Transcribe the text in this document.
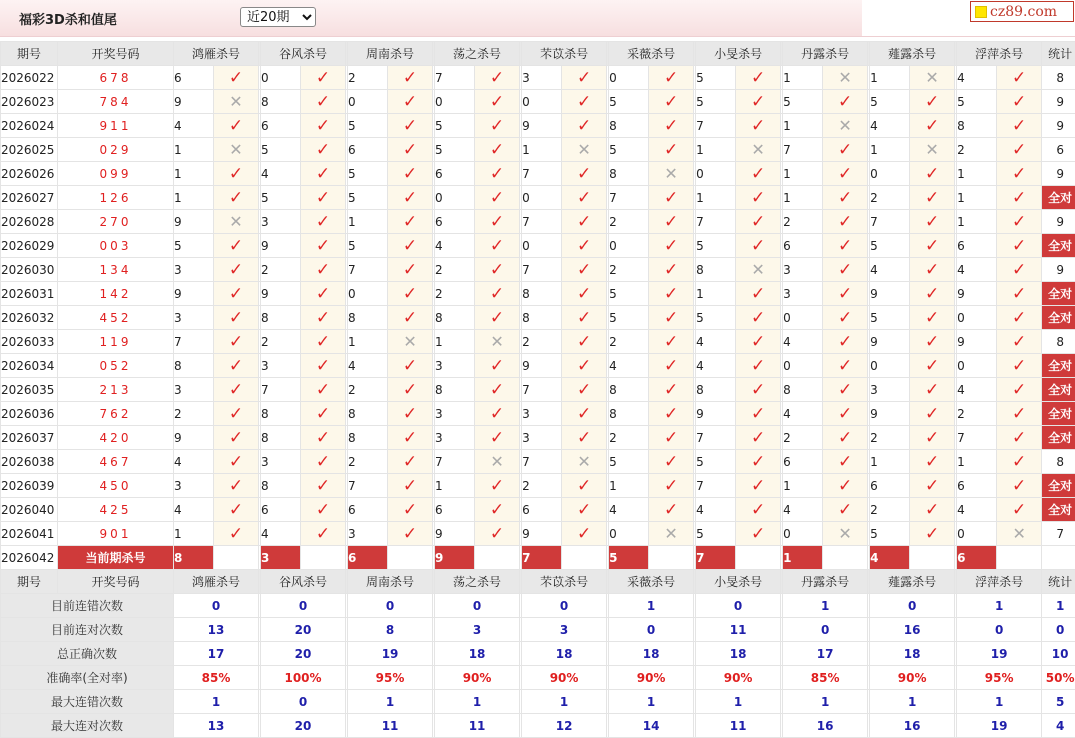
福彩3D杀和值尾
近20期
cz89.com
期号	开奖号码	鸿雁杀号			谷风杀号			周南杀号			荡之杀号			芣苡杀号			采薇杀号			小旻杀号			丹露杀号			薤露杀号			浮萍杀号		统计
2026022	678	6	✓		0	✓		2	✓		7	✓		3	✓		0	✓		5	✓		1	✕		1	✕		4	✓	8
2026023	784	9	✕		8	✓		0	✓		0	✓		0	✓		5	✓		5	✓		5	✓		5	✓		5	✓	9
2026024	911	4	✓		6	✓		5	✓		5	✓		9	✓		8	✓		7	✓		1	✕		4	✓		8	✓	9
2026025	029	1	✕		5	✓		6	✓		5	✓		1	✕		5	✓		1	✕		7	✓		1	✕		2	✓	6
2026026	099	1	✓		4	✓		5	✓		6	✓		7	✓		8	✕		0	✓		1	✓		0	✓		1	✓	9
2026027	126	1	✓		5	✓		5	✓		0	✓		0	✓		7	✓		1	✓		1	✓		2	✓		1	✓	全对
2026028	270	9	✕		3	✓		1	✓		6	✓		7	✓		2	✓		7	✓		2	✓		7	✓		1	✓	9
2026029	003	5	✓		9	✓		5	✓		4	✓		0	✓		0	✓		5	✓		6	✓		5	✓		6	✓	全对
2026030	134	3	✓		2	✓		7	✓		2	✓		7	✓		2	✓		8	✕		3	✓		4	✓		4	✓	9
2026031	142	9	✓		9	✓		0	✓		2	✓		8	✓		5	✓		1	✓		3	✓		9	✓		9	✓	全对
2026032	452	3	✓		8	✓		8	✓		8	✓		8	✓		5	✓		5	✓		0	✓		5	✓		0	✓	全对
2026033	119	7	✓		2	✓		1	✕		1	✕		2	✓		2	✓		4	✓		4	✓		9	✓		9	✓	8
2026034	052	8	✓		3	✓		4	✓		3	✓		9	✓		4	✓		4	✓		0	✓		0	✓		0	✓	全对
2026035	213	3	✓		7	✓		2	✓		8	✓		7	✓		8	✓		8	✓		8	✓		3	✓		4	✓	全对
2026036	762	2	✓		8	✓		8	✓		3	✓		3	✓		8	✓		9	✓		4	✓		9	✓		2	✓	全对
2026037	420	9	✓		8	✓		8	✓		3	✓		3	✓		2	✓		7	✓		2	✓		2	✓		7	✓	全对
2026038	467	4	✓		3	✓		2	✓		7	✕		7	✕		5	✓		5	✓		6	✓		1	✓		1	✓	8
2026039	450	3	✓		8	✓		7	✓		1	✓		2	✓		1	✓		7	✓		1	✓		6	✓		6	✓	全对
2026040	425	4	✓		6	✓		6	✓		6	✓		6	✓		4	✓		4	✓		4	✓		2	✓		4	✓	全对
2026041	901	1	✓		4	✓		3	✓		9	✓		9	✓		0	✕		5	✓		0	✕		5	✓		0	✕	7
2026042	当前期杀号	8			3			6			9			7			5			7			1			4			6		
期号	开奖号码	鸿雁杀号			谷风杀号			周南杀号			荡之杀号			芣苡杀号			采薇杀号			小旻杀号			丹露杀号			薤露杀号			浮萍杀号		统计
目前连错次数		0			0			0			0			0			1			0			1			0			1		1
目前连对次数		13			20			8			3			3			0			11			0			16			0		0
总正确次数		17			20			19			18			18			18			18			17			18			19		10
准确率(全对率)		85%			100%			95%			90%			90%			90%			90%			85%			90%			95%		50%
最大连错次数		1			0			1			1			1			1			1			1			1			1		5
最大连对次数		13			20			11			11			12			14			11			16			16			19		4
